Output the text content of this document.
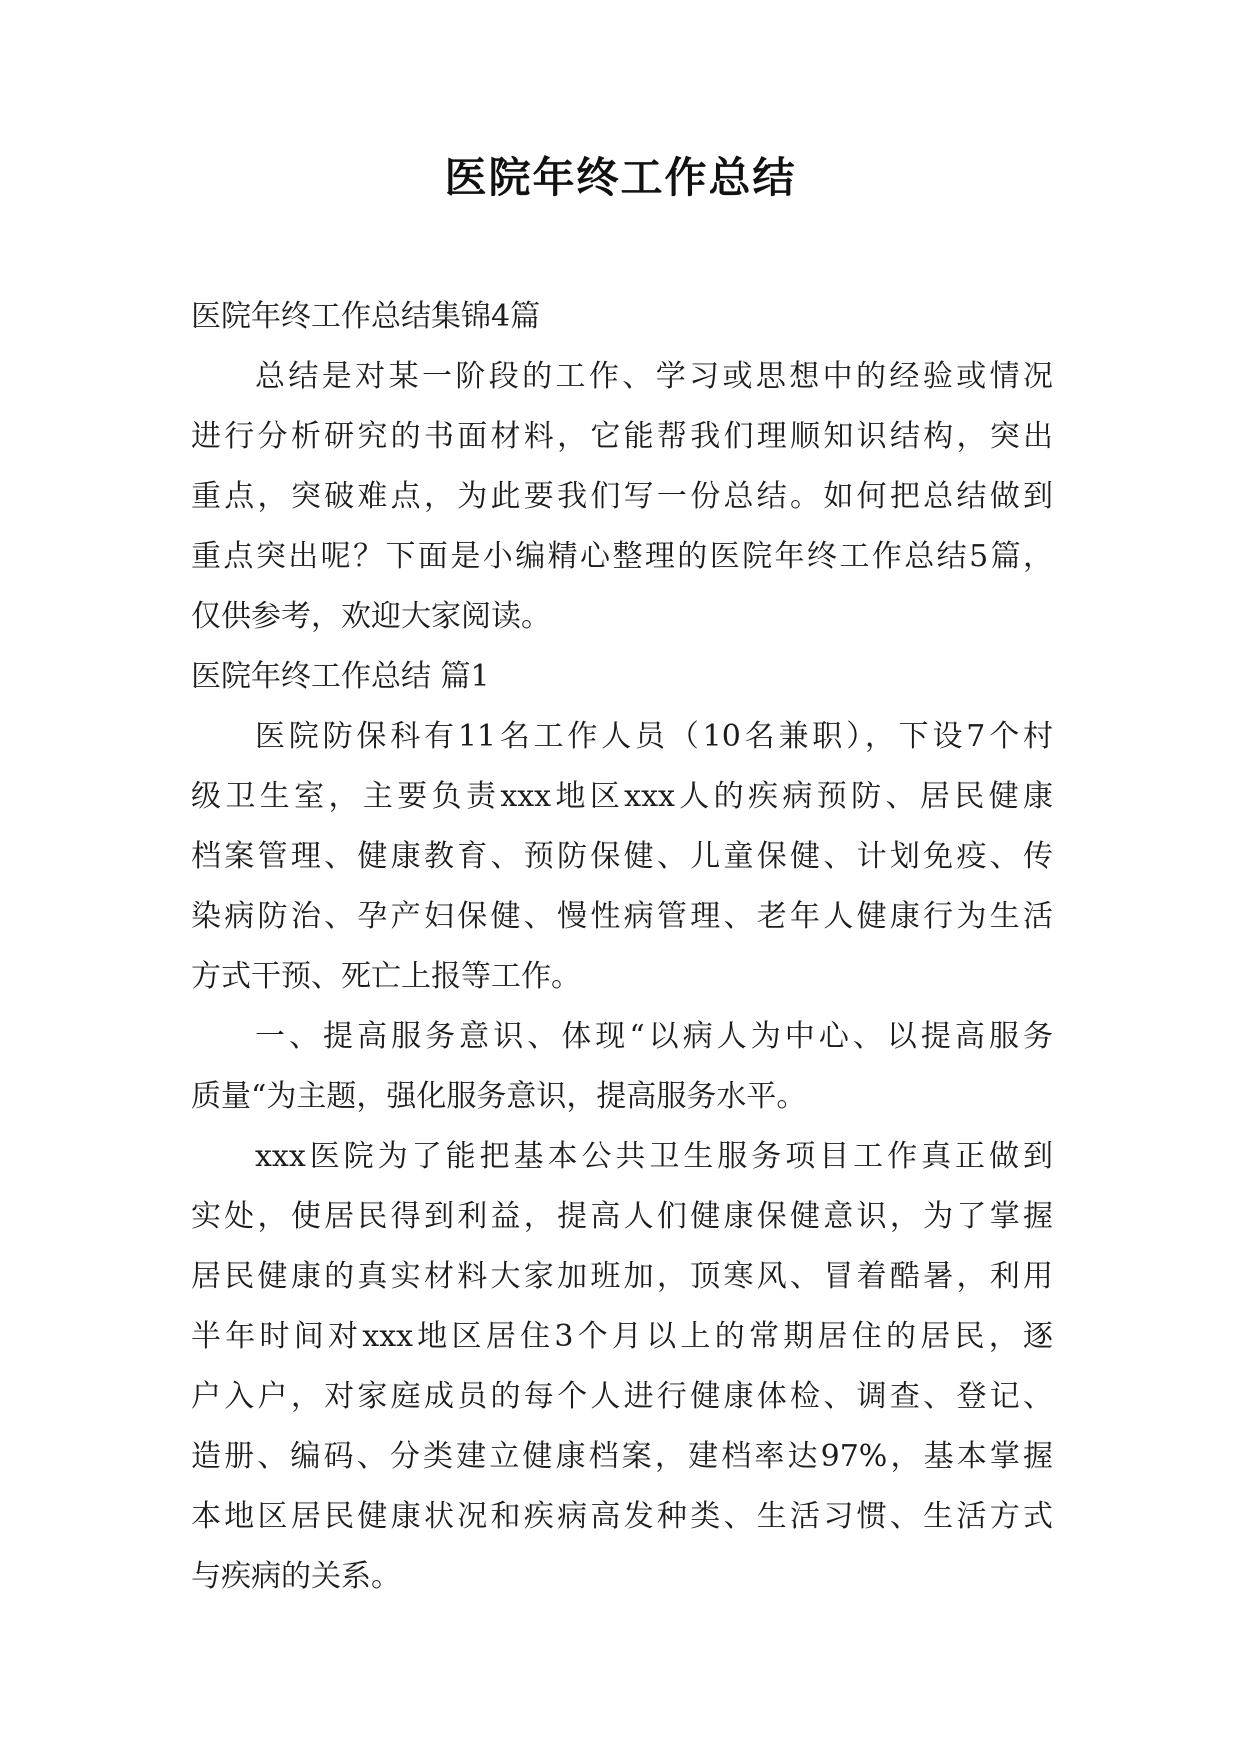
医院年终工作总结
医院年终工作总结集锦4篇
总结是对某一阶段的工作、学习或思想中的经验或情况
进行分析研究的书面材料，它能帮我们理顺知识结构，突出
重点，突破难点，为此要我们写一份总结。如何把总结做到
重点突出呢？下面是小编精心整理的医院年终工作总结5篇，
仅供参考，欢迎大家阅读。
医院年终工作总结 篇1
医院防保科有11名工作人员（10名兼职），下设7个村
级卫生室，主要负责xxx地区xxx人的疾病预防、居民健康
档案管理、健康教育、预防保健、儿童保健、计划免疫、传
染病防治、孕产妇保健、慢性病管理、老年人健康行为生活
方式干预、死亡上报等工作。
一、提高服务意识、体现“以病人为中心、以提高服务
质量“为主题，强化服务意识，提高服务水平。
xxx医院为了能把基本公共卫生服务项目工作真正做到
实处，使居民得到利益，提高人们健康保健意识，为了掌握
居民健康的真实材料大家加班加，顶寒风、冒着酷暑，利用
半年时间对xxx地区居住3个月以上的常期居住的居民，逐
户入户，对家庭成员的每个人进行健康体检、调查、登记、
造册、编码、分类建立健康档案，建档率达97%，基本掌握
本地区居民健康状况和疾病高发种类、生活习惯、生活方式
与疾病的关系。
